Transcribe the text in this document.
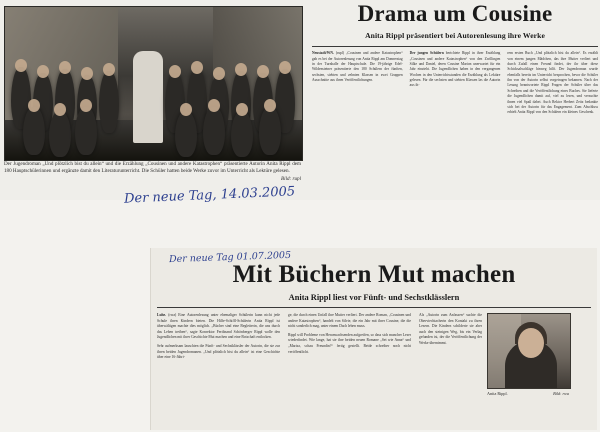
Der Jugendroman „Und plötzlich bist du allein“ und die Erzählung „Cousinen und andere Katastrophen“ präsentierte Autorin Anita Rippl dem 180 Hauptschülerinnen und ergänzte damit den Literaturunterricht. Die Schüler hatten beide Werke zuvor im Unterricht als Lektüre gelesen.
Bild: rupl
Drama um Cousine
Anita Rippl präsentiert bei Autorenlesung ihre Werke

Neustadt/WN. (rupl) „Cousinen und andere Katastrophen“ gab es bei der Autorenlesung von Anita Rippl am Donnerstag in der Turnhalle der Hauptschule. Die 19-jährige Edel-Wildensteiner präsentierte den 180 Schülern der fünften, sechsten, siebten und zehnten Klassen in zwei Gruppen Ausschnitte aus ihren Veröffentlichungen.

Der jungen Schülern berichtete Rippl in ihrer Erzählung „Cousinen und andere Katastrophen“ von den Zwillingen Silke und Daniel, deren Cousine Marion unerwartet für ein Jahr einzieht. Die Jugendlichen haben in den vergangenen Wochen in den Unterrichtsstunden die Erzählung als Lektüre gelesen. Für die sechsten und siebten Klassen las die Autorin aus ih-

rem ersten Buch „Und plötzlich bist du allein“. Es erzählt von einem jungen Mädchen, das ihre Mutter verliert und durch Zufall einen Freund findet, der ihr über diese Schicksalsschläge hinweg hilft. Der Jugendroman wurde ebenfalls bereits im Unterricht besprochen, bevor die Schüler ihn von der Autorin selbst vorgetragen bekamen. Nach der Lesung beantwortete Rippl Fragen der Schüler über das Schreiben und die Veröffentlichung eines Buches. Sie lieferte die Jugendlichen damit auf, viel zu lesen, und versuchte ihnen viel Spaß dabei. Auch Rektor Herbert Zeitz bedankte sich bei der Autorin für das Engagement. Zum Abschluss erhielt Anita Rippl von den Schülern ein kleines Geschenk.

Der neue Tag, 14.03.2005
Der neue Tag 01.07.2005
Mit Büchern Mut machen
Anita Rippl liest vor Fünft- und Sechstklässlern

Luhe. (rwa) Eine Autorenlesung unter ehemaliger Schülerin kann nicht jede Schule ihren Kindern bieten. Die Hilfe-Schiffl-Schülerin Anita Rippl ist überwältigen machte dies möglich. „Bücher sind eine Begleiterin, die uns durch das Leben treiben“, sagte Konrektor Ferdinand Schönberger Rippl wolle den Jugendlichen mit ihrer Geschichte Mut machen und eine Botschaft entlocken.

Sehr aufmerksam lauschten die Fünft- und Sechstklässler der Autorin, die sie zur ihren beiden Jugendromanen. „Und plötzlich bist du allein“ ist eine Geschichte über eine 16-Jähri-

ge, die durch einen Unfall ihre Mutter verliert. Der andere Roman, „Cousinen und andere Katastrophen“, handelt von Silvie, die ein Jahr mit ihrer Cousine, die die nicht sonderlich mag, unter einem Dach leben muss.

Rippl will Probleme von Heranwachsenden aufgreifen, so dass sich mancher Leser wiederfindet. Wie lange, hat sie ihre beiden neuen Romane „Sei wie Anna“ und „Marisa, schau Freundin?“ fertig gestellt. Beide schreiber noch nicht veröffentlicht.

Anita Rippl.	Bild: rwa

Als „Autorin zum Anfassen“ suchte die Oberviechtacherin den Kontakt zu ihren Lesern. Die Kindern schilderte sie aber auch den steinigen Weg, bis ein Verlag gefunden ist, der die Veröffentlichung der Werke übernimmt.
